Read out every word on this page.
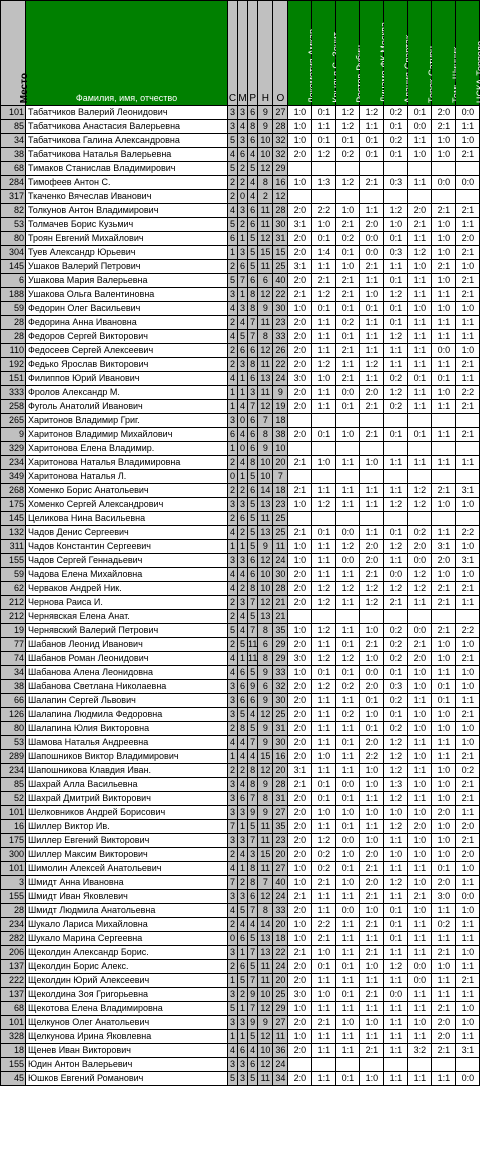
Место	Фамилия, имя, отчество	С	М	Р	Н	О								ЦСКА-Торпедо

101	Табатчиков Валерий Леонидович	3	3	6	9	27	1:0	0:1	1:2	1:2	0:2	0:1	2:0	0:0
85	Табатчикова Анастасия Валерьевна	3	4	8	9	28	1:0	1:1	1:2	1:1	0:1	0:0	2:1	1:1
34	Табатчикова Галина Александровна	5	3	6	10	32	1:0	0:1	0:1	0:1	0:2	1:1	1:0	1:0
38	Табатчикова Наталья Валерьевна	4	6	4	10	32	2:0	1:2	0:2	0:1	0:1	1:0	1:0	2:1
68	Тимаков Станислав Владимирович	5	2	5	12	29								
284	Тимофеев Антон С.	2	2	4	8	16	1:0	1:3	1:2	2:1	0:3	1:1	0:0	0:0
317	Ткаченко Вячеслав Иванович	2	0	4	2	12								
82	Толкунов Антон Владимирович	4	3	6	11	28	2:0	2:2	1:0	1:1	1:2	2:0	2:1	2:1
53	Толмачев Борис Кузьмич	5	2	6	11	30	3:1	1:0	2:1	2:0	1:0	2:1	1:0	1:1
80	Троян Евгений Михайлович	6	1	5	12	31	2:0	0:1	0:2	0:0	0:1	1:1	1:0	2:0
304	Туев Александр Юрьевич	1	3	5	15	15	2:0	1:4	0:1	0:0	0:3	1:2	1:0	2:1
145	Ушаков Валерий Петрович	2	6	5	11	25	3:1	1:1	1:0	2:1	1:1	1:0	2:1	1:0
6	Ушакова Мария Валерьевна	5	7	6	6	40	2:0	2:1	2:1	1:1	0:1	1:1	1:0	2:1
188	Ушакова Ольга Валентиновна	3	1	8	12	22	2:1	1:2	2:1	1:0	1:2	1:1	1:1	2:1
59	Федорин Олег Васильевич	4	3	8	9	30	1:0	0:1	0:1	0:1	0:1	1:0	1:0	1:0
28	Федорина Анна Ивановна	2	4	7	11	23	2:0	1:1	0:2	1:1	0:1	1:1	1:1	1:1
28	Федоров Сергей Викторович	4	5	7	8	33	2:0	1:1	0:1	1:1	1:2	1:1	1:1	1:1
110	Федосеев Сергей Алексеевич	2	6	6	12	26	2:0	1:1	2:1	1:1	1:1	1:1	0:0	1:0
192	Федько Ярослав Викторович	2	3	8	11	22	2:0	1:2	1:1	1:2	1:1	1:1	1:1	2:1
151	Филиппов Юрий Иванович	4	1	6	13	24	3:0	1:0	2:1	1:1	0:2	0:1	0:1	1:1
333	Фролов Александр М.	1	1	3	11	9	2:0	1:1	0:0	2:0	1:2	1:1	1:0	2:2
258	Фуголь Анатолий Иванович	1	4	7	12	19	2:0	1:1	0:1	2:1	0:2	1:1	1:1	2:1
265	Харитонов Владимир Григ.	3	0	6	7	18								
9	Харитонов Владимир Михайлович	6	4	6	8	38	2:0	0:1	1:0	2:1	0:1	0:1	1:1	2:1
329	Харитонова Елена Владимир.	1	0	6	9	10								
234	Харитонова Наталья Владимировна	2	4	8	10	20	2:1	1:0	1:1	1:0	1:1	1:1	1:1	1:1
349	Харитонова Наталья Л.	0	1	5	10	7								
268	Хоменко Борис Анатольевич	2	2	6	14	18	2:1	1:1	1:1	1:1	1:1	1:2	2:1	3:1
175	Хоменко Сергей Александрович	3	3	5	13	23	1:0	1:2	1:1	1:1	1:2	1:2	1:0	1:0
145	Целикова Нина Васильевна	2	6	5	11	25								
132	Чадов Денис Сергеевич	4	2	5	13	25	2:1	0:1	0:0	1:1	0:1	0:2	1:1	2:2
311	Чадов Константин Сергеевич	1	1	5	9	11	1:0	1:1	1:2	2:0	1:2	2:0	3:1	1:0
155	Чадов Сергей Геннадьевич	3	3	6	12	24	1:0	1:1	0:0	2:0	1:1	0:0	2:0	3:1
59	Чадова Елена Михайловна	4	4	6	10	30	2:0	1:1	1:1	2:1	0:0	1:2	1:0	1:0
62	Черваков Андрей Ник.	4	2	8	10	28	2:0	1:2	1:2	1:2	1:2	1:2	2:1	2:1
212	Чернова Раиса И.	2	3	7	12	21	2:0	1:2	1:1	1:2	2:1	1:1	2:1	1:1
212	Чернявская Елена Анат.	2	4	5	13	21								
19	Чернявский Валерий Петрович	5	4	7	8	35	1:0	1:2	1:1	1:0	0:2	0:0	2:1	2:2
77	Шабанов Леонид Иванович	2	5	11	6	29	2:0	1:1	0:1	2:1	0:2	2:1	1:0	1:0
74	Шабанов Роман Леонидович	4	1	11	8	29	3:0	1:2	1:2	1:0	0:2	2:0	1:0	2:1
34	Шабанова Алена Леонидовна	4	6	5	9	33	1:0	0:1	0:1	0:0	0:1	1:0	1:1	1:0
38	Шабанова Светлана Николаевна	3	6	9	6	32	2:0	1:2	0:2	2:0	0:3	1:0	0:1	1:0
66	Шалапин Сергей Львович	3	6	6	9	30	2:0	1:1	1:1	0:1	0:2	1:1	0:1	1:1
126	Шалапина Людмила Федоровна	3	5	4	12	25	2:0	1:1	0:2	1:0	0:1	1:0	1:0	2:1
80	Шалапина Юлия Викторовна	2	8	5	9	31	2:0	1:1	1:1	0:1	0:2	1:0	1:0	1:0
53	Шамова Наталья Андреевна	4	4	7	9	30	2:0	1:1	0:1	2:0	1:2	1:1	1:1	1:0
289	Шапошников Виктор Владимирович	1	4	4	15	16	2:0	1:0	1:1	2:2	1:2	1:0	1:1	2:1
234	Шапошникова Клавдия Иван.	2	2	8	12	20	3:1	1:1	1:1	1:0	1:2	1:1	1:0	0:2
85	Шахрай Алла Васильевна	3	4	8	9	28	2:1	0:1	0:0	1:0	1:3	1:0	1:0	2:1
52	Шахрай Дмитрий Викторович	3	6	7	8	31	2:0	0:1	0:1	1:1	1:2	1:1	1:0	2:1
101	Шелковников Андрей Борисович	3	3	9	9	27	2:0	1:0	1:0	1:0	1:0	1:0	2:0	1:1
16	Шиллер Виктор Ив.	7	1	5	11	35	2:0	1:1	0:1	1:1	1:2	2:0	1:0	2:0
175	Шиллер Евгений Викторович	3	3	7	11	23	2:0	1:2	0:0	1:0	1:1	1:0	1:0	2:1
300	Шиллер Максим Викторович	2	4	3	15	20	2:0	0:2	1:0	2:0	1:0	1:0	1:0	2:0
101	Шимолин Алексей Анатольевич	4	1	8	11	27	1:0	0:2	0:1	2:1	1:1	1:1	0:1	1:0
3	Шмидт Анна Ивановна	7	2	8	7	40	1:0	2:1	1:0	2:0	1:2	1:0	2:0	1:1
155	Шмидт Иван Яковлевич	3	3	6	12	24	2:1	1:1	1:1	2:1	1:1	2:1	3:0	0:0
28	Шмидт Людмила Анатольевна	4	5	7	8	33	2:0	1:1	0:0	1:0	0:1	1:0	1:1	1:0
234	Шукало Лариса Михайловна	2	4	4	14	20	1:0	2:2	1:1	2:1	0:1	1:1	0:2	1:1
282	Шукало Марина Сергеевна	0	6	5	13	18	1:0	2:1	1:1	1:1	0:1	1:1	1:1	1:1
206	Щеколдин Александр Борис.	3	1	7	13	22	2:1	1:0	1:1	2:1	1:1	1:1	2:1	1:0
137	Щеколдин Борис Алекс.	2	6	5	11	24	2:0	0:1	0:1	1:0	1:2	0:0	1:0	1:1
222	Щеколдин Юрий Алексеевич	1	5	7	11	20	2:0	1:1	1:1	1:1	1:1	0:0	1:1	2:1
137	Щеколдина Зоя Григорьевна	3	2	9	10	25	3:0	1:0	0:1	2:1	0:0	1:1	1:1	1:1
68	Щекотова Елена Владимировна	5	1	7	12	29	1:0	1:1	1:1	1:1	1:1	1:1	2:1	1:0
101	Щелкунов Олег Анатольевич	3	3	9	9	27	2:0	2:1	1:0	1:0	1:1	1:0	2:0	1:0
328	Щелкунова Ирина Яковлевна	1	1	5	12	11	1:0	1:1	1:1	1:1	1:1	1:1	2:0	1:1
18	Щенев Иван Викторович	4	6	4	10	36	2:0	1:1	1:1	2:1	1:1	3:2	2:1	3:1
155	Юдин Антон Валерьевич	3	3	6	12	24								
45	Юшков Евгений Романович	5	3	5	11	34	2:0	1:1	0:1	1:0	1:1	1:1	1:1	0:0
